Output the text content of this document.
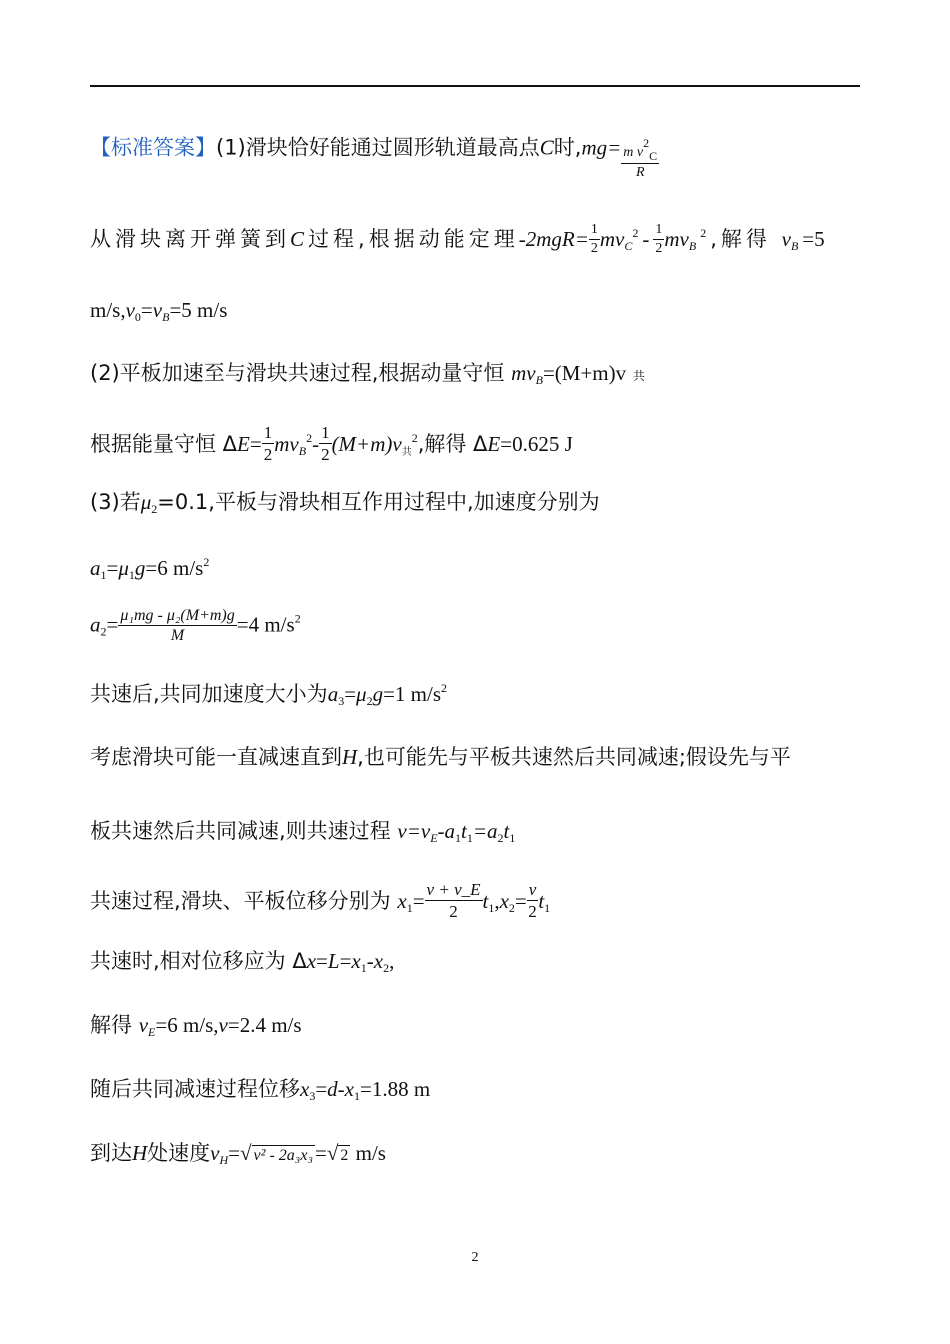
【标准答案】(1)滑块恰好能通过圆形轨道最高点C时$,mg= \frac{\text{m v2C}}{R}$
从滑块离开弹簧到C过程,根据动能定理$-2mgR= \frac{1}{2} mv_C^2- \frac{1}{2} mv_B^2$,解得 $v_B=5$
$m/s,v_0=v_B=5$ m/s
(2)平板加速至与滑块共速过程,根据动量守恒 $mv_B=(M+m)v$ 共
根据能量守恒 $\Delta E= \frac{1}{2} mv_B^2- \frac{1}{2} (M+m)v_共^2$,解得 ΔE=0.625 J
(3)若$\mu_2=0.1$,平板与滑块相互作用过程中,加速度分别为
$a_1=\mu_1g=6$ $m/s^2$
$a_2= \frac{\text{μ₁mg - μ₂(M+m)g}}{M} =4$ $m/s^2$
共速后,共同加速度大小为$a_3=\mu_2g=1$ $m/s^2$
考虑滑块可能一直减速直到H,也可能先与平板共速然后共同减速;假设先与平
板共速然后共同减速,则共速过程 $v=v_E-a_1t_1=a_2t_1$
共速过程,滑块、平板位移分别为 $x_1= \frac{v + v\_E}{2} t_1,x_2= \frac{v}{2} t_1$
共速时,相对位移应为 $\Delta x=L=x_1-x_2$,
解得 $v_E=6$ m/s,v=2.4 m/s
随后共同减速过程位移$x_3=d-x_1=1.88$ m
到达H处速度$v_H=√$ v² - 2a₃x₃=√ 2 m/s
2
